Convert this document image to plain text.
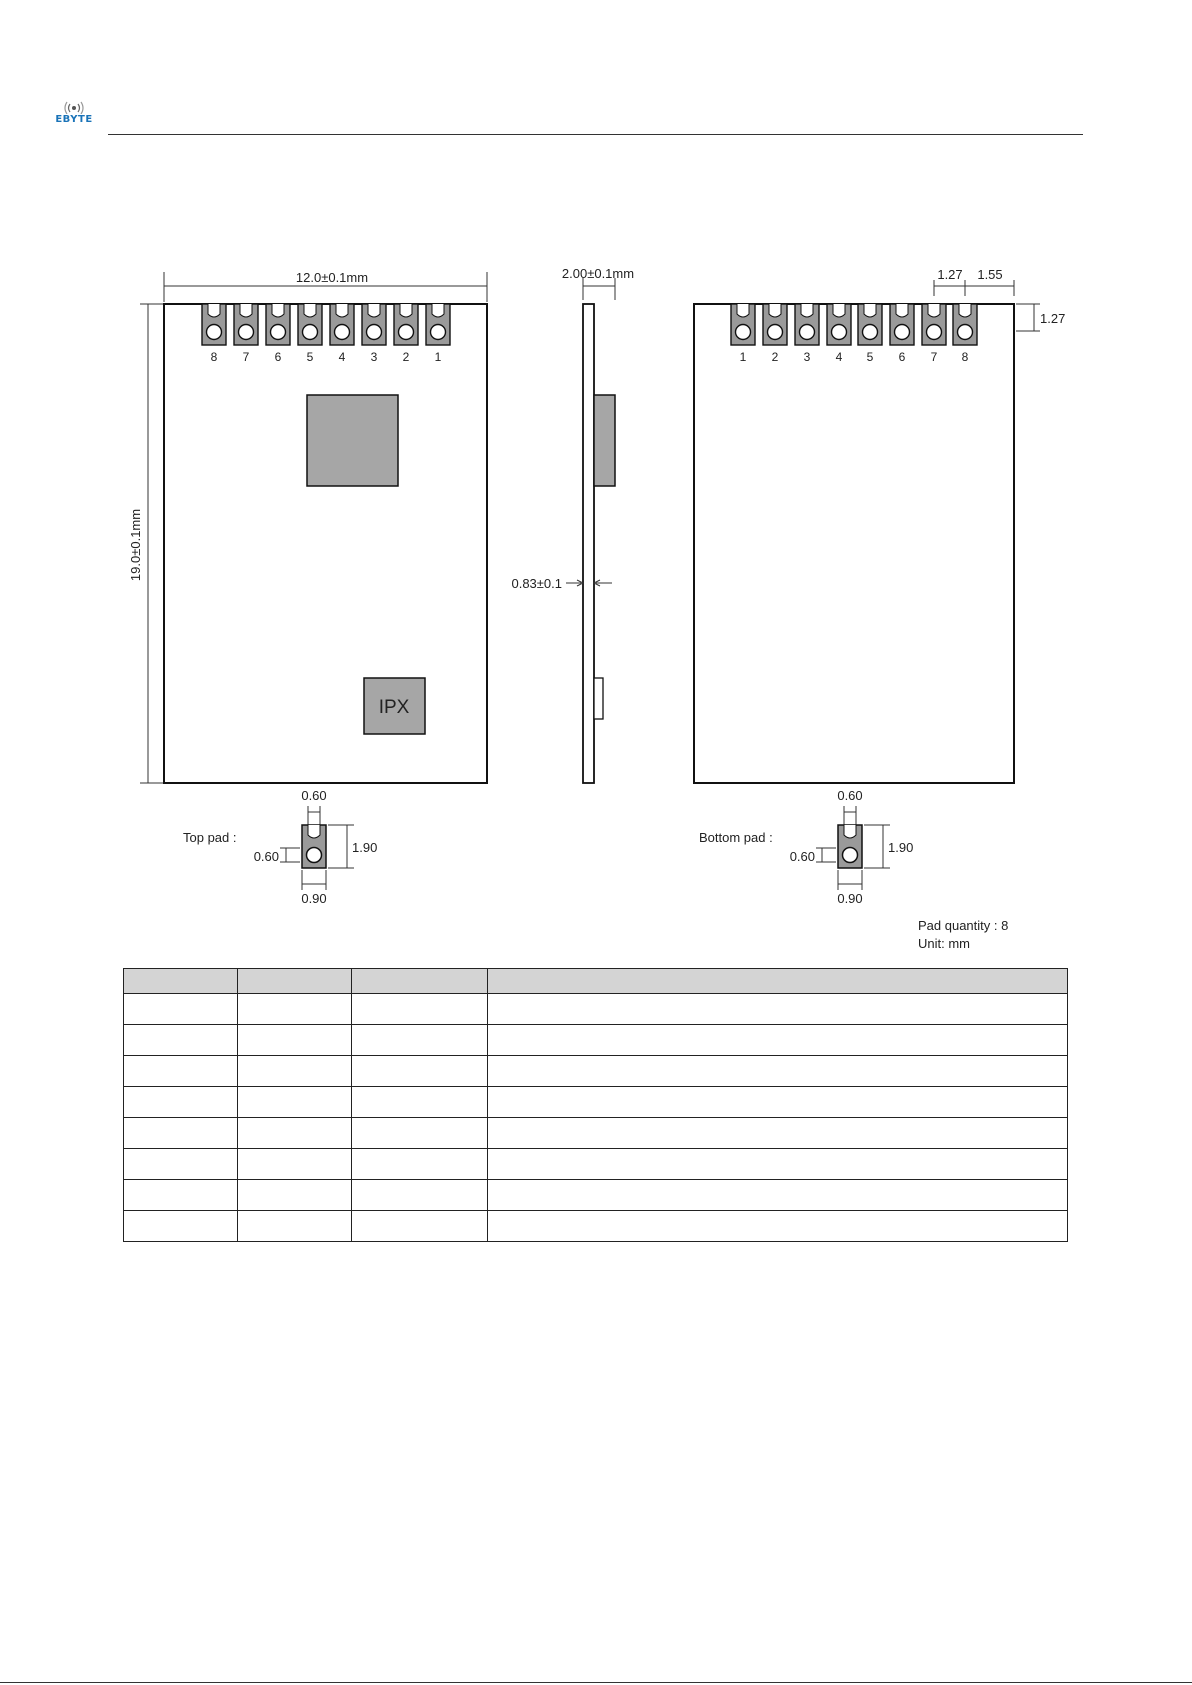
EBYTE
12.0±0.1mm
19.0±0.1mm
8 7 6 5 4 3 2 1
IPX
2.00±0.1mm
0.83±0.1
1 2 3 4 5 6 7 8
1.27 1.55
1.27
Top pad :
0.60
0.60
1.90
0.90
Bottom pad :
0.60
0.60
1.90
0.90
Pad quantity : 8
Unit: mm
